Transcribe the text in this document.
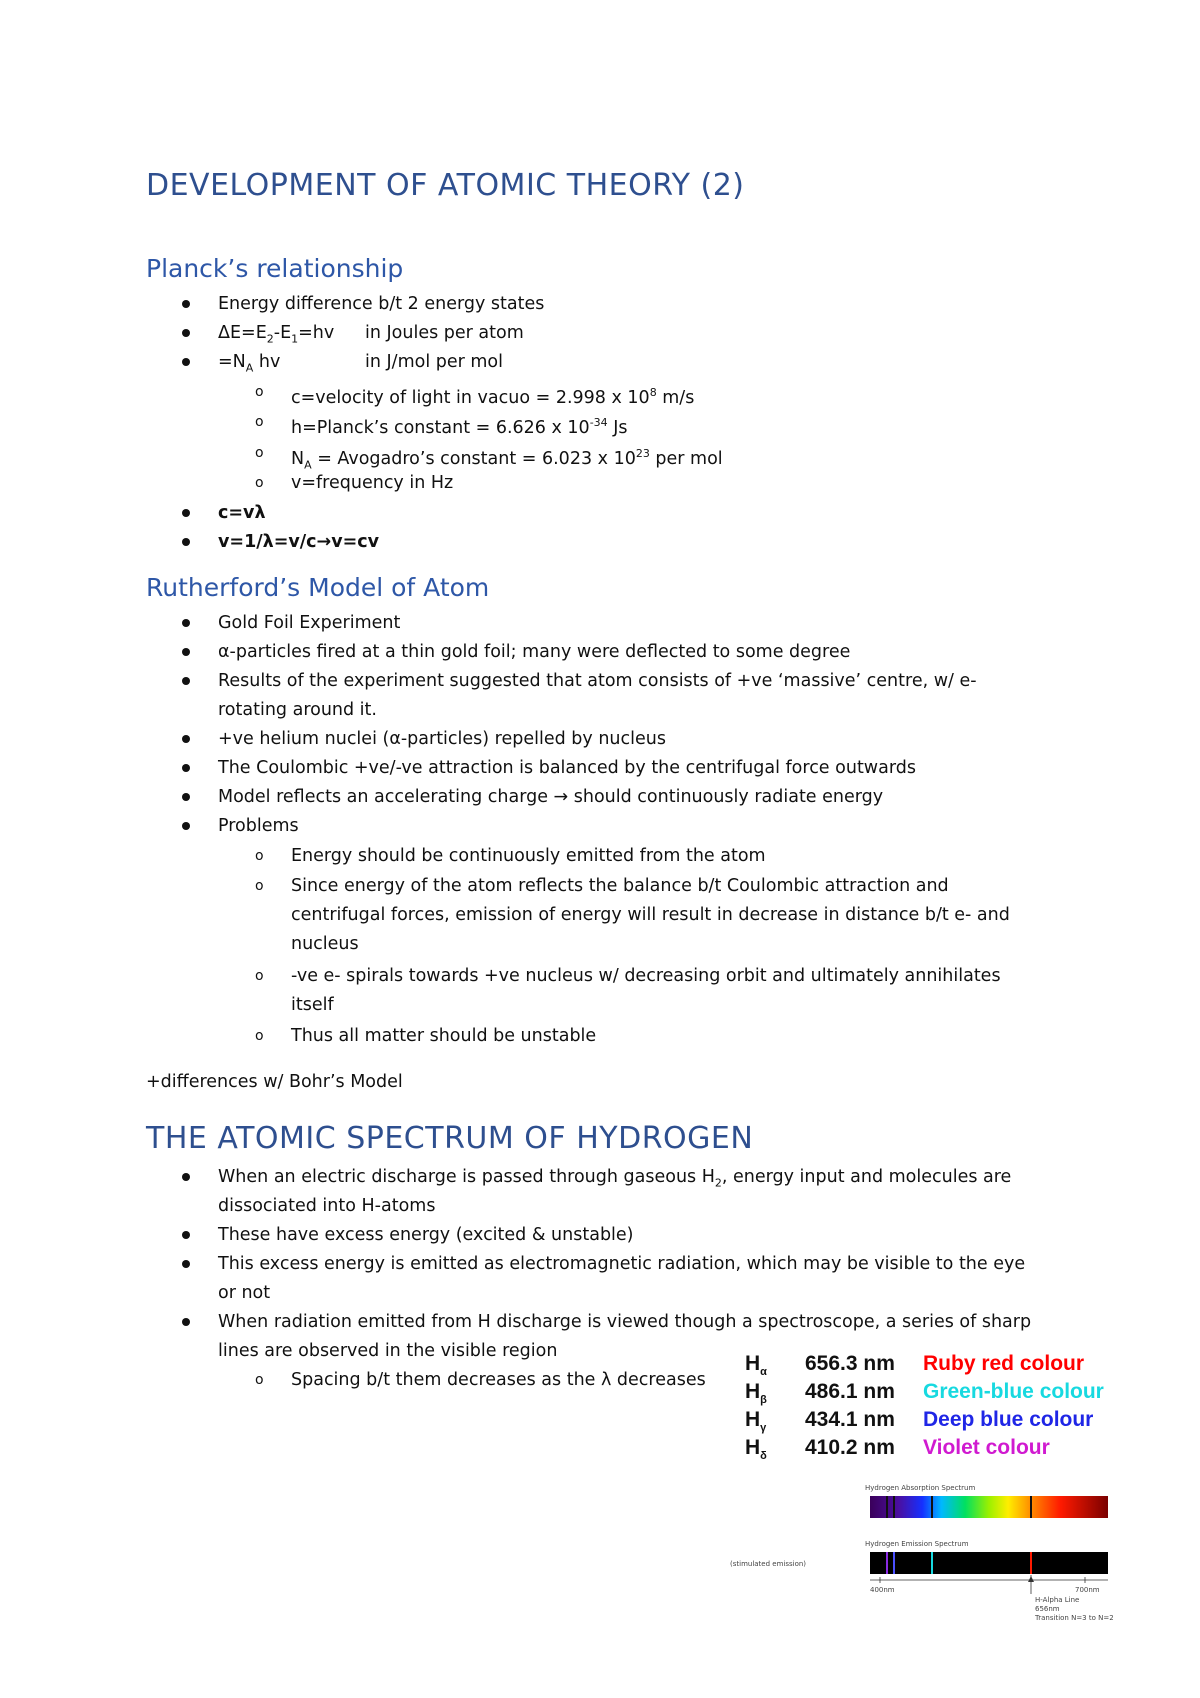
DEVELOPMENT OF ATOMIC THEORY (2)
Planck’s relationship
Energy difference b/t 2 energy states
$\Delta E=E_2-E_1=hv$ in Joules per atom
$=N_A$ hv	in J/mol per mol
o c=velocity of light in vacuo = 2.998 x $10^8$ m/s
o h=Planck’s constant = 6.626 x $10^{-34}$ Js
o $N_A$ = Avogadro’s constant = 6.023 x $10^{23}$ per mol
o v=frequency in Hz
c=vλ
v=1/λ=v/c→v=cv
Rutherford’s Model of Atom
Gold Foil Experiment
α-particles fired at a thin gold foil; many were deflected to some degree
Results of the experiment suggested that atom consists of +ve ‘massive’ centre, w/ e-
rotating around it.
+ve helium nuclei (α-particles) repelled by nucleus
The Coulombic +ve/-ve attraction is balanced by the centrifugal force outwards
Model reflects an accelerating charge → should continuously radiate energy
Problems
o Energy should be continuously emitted from the atom
o Since energy of the atom reflects the balance b/t Coulombic attraction and
centrifugal forces, emission of energy will result in decrease in distance b/t e- and
nucleus
o -ve e- spirals towards +ve nucleus w/ decreasing orbit and ultimately annihilates
itself
o Thus all matter should be unstable
+differences w/ Bohr’s Model
THE ATOMIC SPECTRUM OF HYDROGEN
When an electric discharge is passed through gaseous $H_2$, energy input and molecules are
dissociated into H-atoms
These have excess energy (excited & unstable)
This excess energy is emitted as electromagnetic radiation, which may be visible to the eye
or not
When radiation emitted from H discharge is viewed though a spectroscope, a series of sharp
lines are observed in the visible region
o Spacing b/t them decreases as the λ decreases
$H_\alpha$ 656.3 nm Ruby red colour
$H_\beta$ 486.1 nm Green-blue colour
$H_\gamma$ 434.1 nm Deep blue colour
$H_\delta$ 410.2 nm Violet colour
Hydrogen Absorption Spectrum
Hydrogen Emission Spectrum
(stimulated emission)
400nm	700nm
H-Alpha Line
656nm
Transition N=3 to N=2
